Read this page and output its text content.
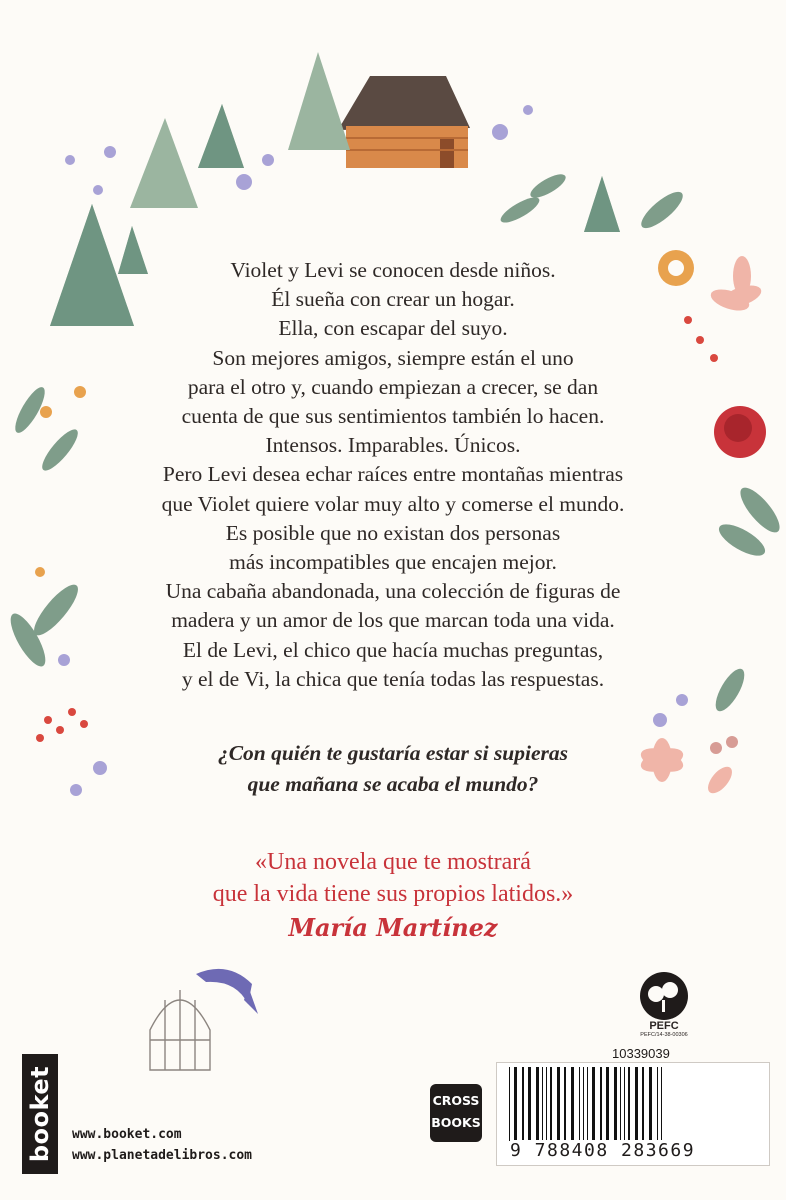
Violet y Levi se conocen desde niños.
Él sueña con crear un hogar.
Ella, con escapar del suyo.
Son mejores amigos, siempre están el uno
para el otro y, cuando empiezan a crecer, se dan
cuenta de que sus sentimientos también lo hacen.
Intensos. Imparables. Únicos.
Pero Levi desea echar raíces entre montañas mientras
que Violet quiere volar muy alto y comerse el mundo.
Es posible que no existan dos personas
más incompatibles que encajen mejor.
Una cabaña abandonada, una colección de figuras de
madera y un amor de los que marcan toda una vida.
El de Levi, el chico que hacía muchas preguntas,
y el de Vi, la chica que tenía todas las respuestas.
¿Con quién te gustaría estar si supieras
que mañana se acaba el mundo?
«Una novela que te mostrará
que la vida tiene sus propios latidos.»
María Martínez
PEFC
PEFC/14-38-00306
booket www.booket.com
www.planetadelibros.com
CROSS
BOOKS
10339039
9 788408 283669
